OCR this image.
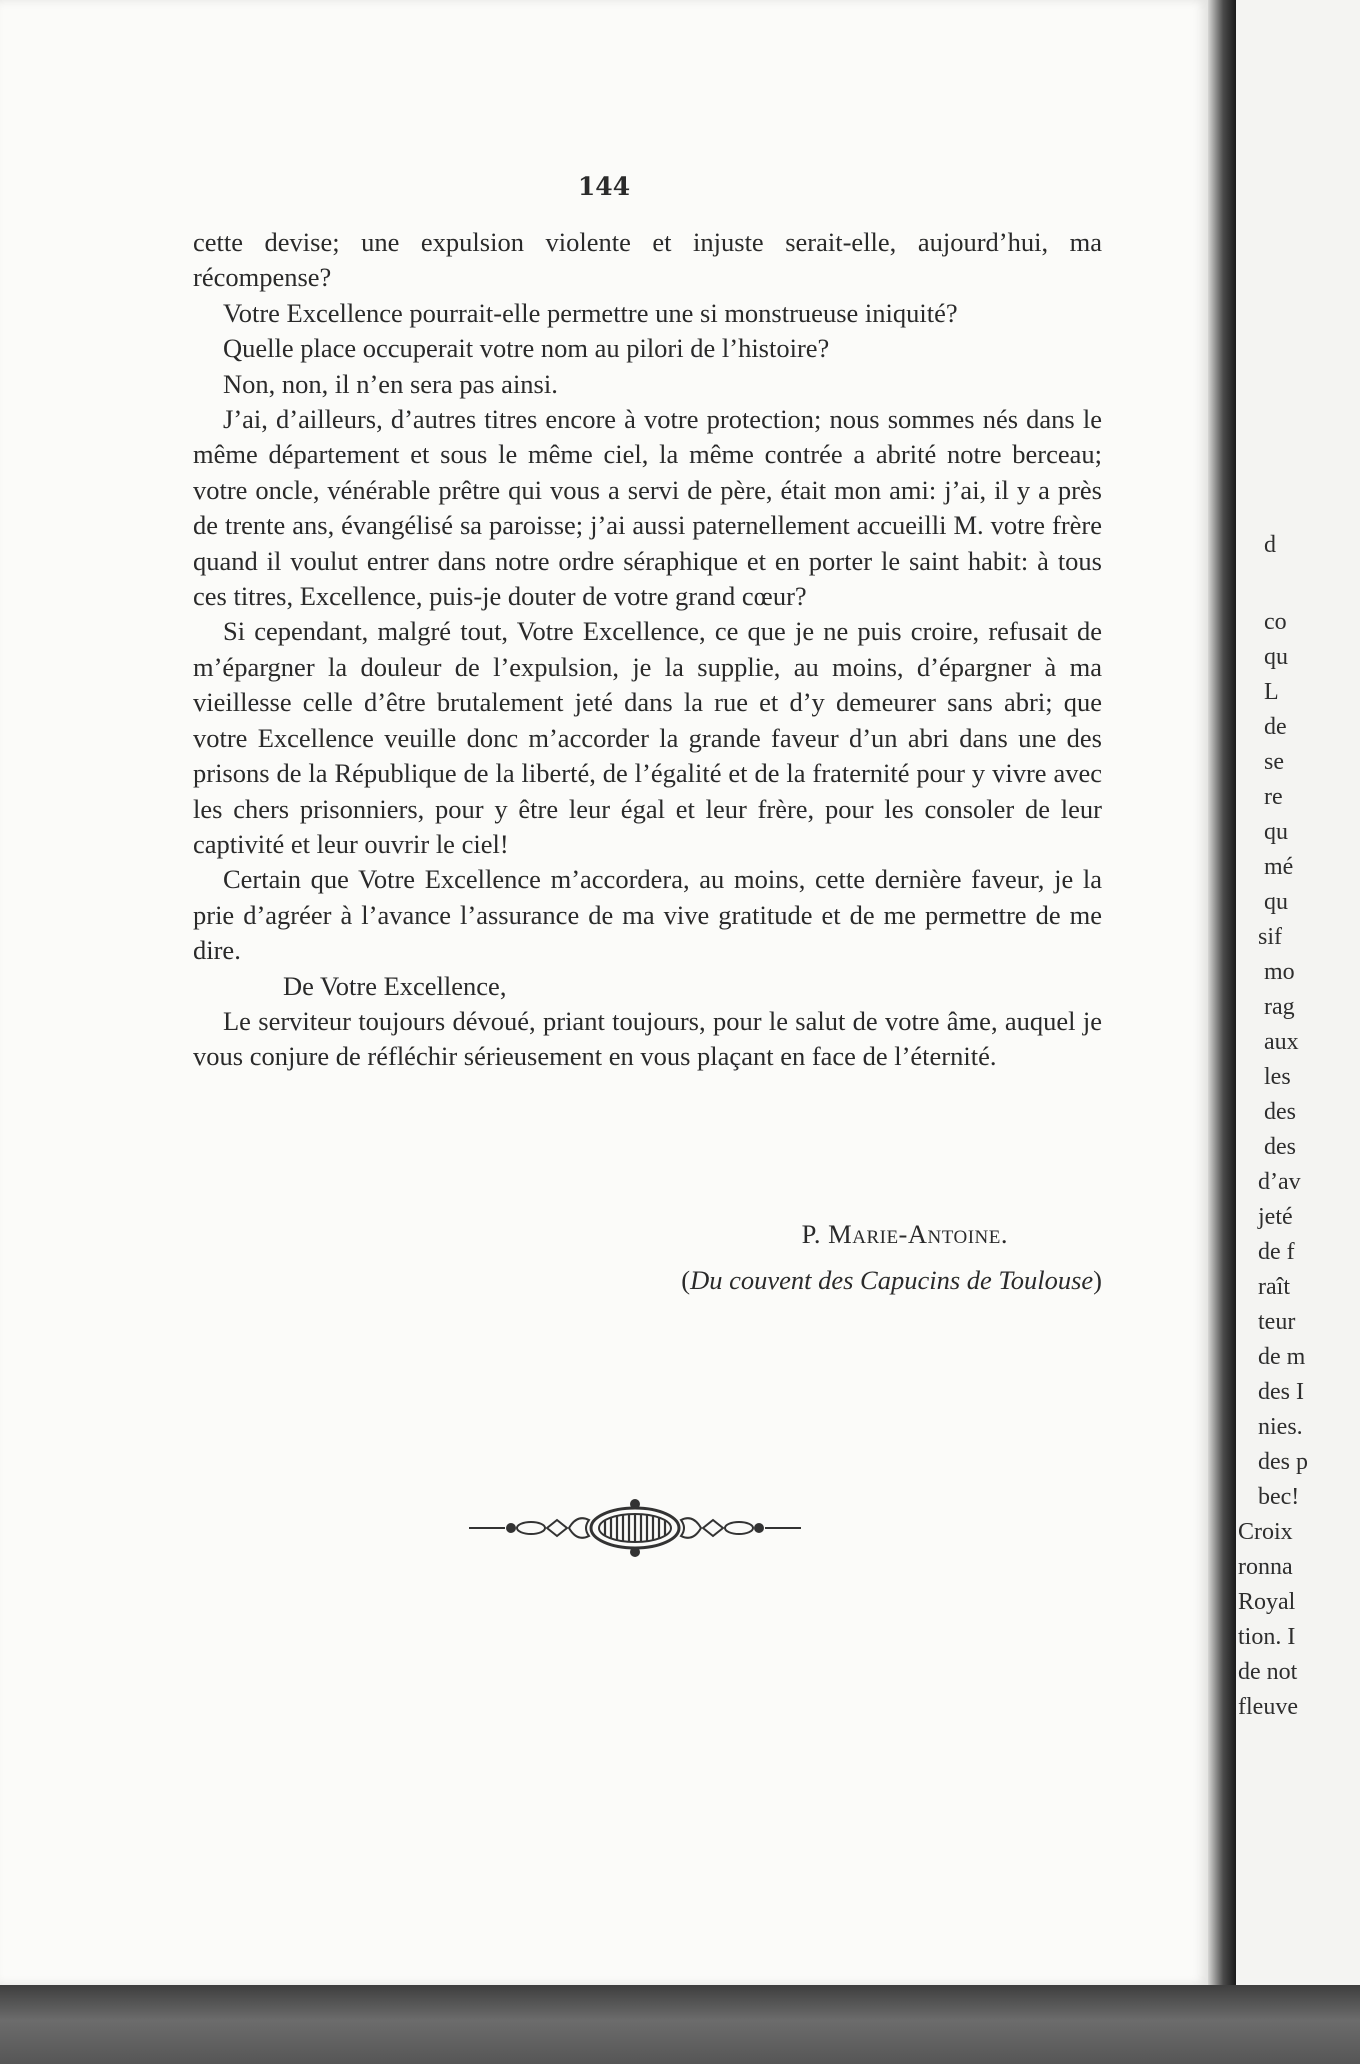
144

cette devise; une expulsion violente et injuste serait-elle, aujourd’hui, ma récompense?

Votre Excellence pourrait-elle permettre une si monstrueuse iniquité?

Quelle place occuperait votre nom au pilori de l’histoire?

Non, non, il n’en sera pas ainsi.

J’ai, d’ailleurs, d’autres titres encore à votre protection; nous sommes nés dans le même département et sous le même ciel, la même contrée a abrité notre berceau; votre oncle, vénérable prêtre qui vous a servi de père, était mon ami: j’ai, il y a près de trente ans, évangélisé sa paroisse; j’ai aussi paternellement accueilli M. votre frère quand il voulut entrer dans notre ordre séraphique et en porter le saint habit: à tous ces titres, Excellence, puis-je douter de votre grand cœur?

Si cependant, malgré tout, Votre Excellence, ce que je ne puis croire, refusait de m’épargner la douleur de l’expulsion, je la supplie, au moins, d’épargner à ma vieillesse celle d’être brutalement jeté dans la rue et d’y demeurer sans abri; que votre Excellence veuille donc m’accorder la grande faveur d’un abri dans une des prisons de la République de la liberté, de l’égalité et de la fraternité pour y vivre avec les chers prisonniers, pour y être leur égal et leur frère, pour les consoler de leur captivité et leur ouvrir le ciel!

Certain que Votre Excellence m’accordera, au moins, cette dernière faveur, je la prie d’agréer à l’avance l’assurance de ma vive gratitude et de me permettre de me dire.

De Votre Excellence,

Le serviteur toujours dévoué, priant toujours, pour le salut de votre âme, auquel je vous conjure de réfléchir sérieusement en vous plaçant en face de l’éternité.

P. Marie-Antoine.
(Du couvent des Capucins de Toulouse)
d
co
qu
L
de
se
re
qu
mé
qu
sif
mo
rag
aux
les
des
des
d’av
jeté
de f
raît
teur
de m
des I
nies.
des p
bec!
Croix
ronna
Royal
tion. I
de not
fleuve
